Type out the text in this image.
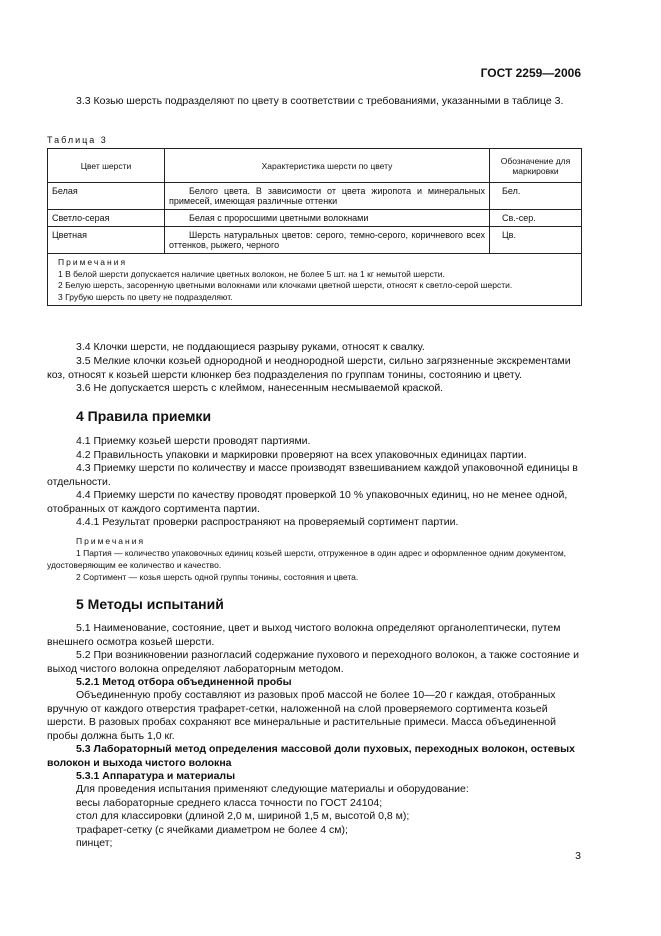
ГОСТ 2259—2006
3.3 Козью шерсть подразделяют по цвету в соответствии с требованиями, указанными в таблице 3.
Таблица 3
Цвет шерсти	Характеристика шерсти по цвету	Обозначение для маркировки
Белая	Белого цвета. В зависимости от цвета жиропота и минеральных примесей, имеющая различные оттенки	Бел.
Светло-серая	Белая с проросшими цветными волокнами	Св.-сер.
Цветная	Шерсть натуральных цветов: серого, темно-серого, коричневого всех оттенков, рыжего, черного	Цв.

Примечания
1 В белой шерсти допускается наличие цветных волокон, не более 5 шт. на 1 кг немытой шерсти.
2 Белую шерсть, засоренную цветными волокнами или клочками цветной шерсти, относят к светло-серой шерсти.
3 Грубую шерсть по цвету не подразделяют.		
3.4 Клочки шерсти, не поддающиеся разрыву руками, относят к свалку.
3.5 Мелкие клочки козьей однородной и неоднородной шерсти, сильно загрязненные экскрементами коз, относят к козьей шерсти клюнкер без подразделения по группам тонины, состоянию и цвету.
3.6 Не допускается шерсть с клеймом, нанесенным несмываемой краской.
4 Правила приемки
4.1 Приемку козьей шерсти проводят партиями.
4.2 Правильность упаковки и маркировки проверяют на всех упаковочных единицах партии.
4.3 Приемку шерсти по количеству и массе производят взвешиванием каждой упаковочной единицы в отдельности.
4.4 Приемку шерсти по качеству проводят проверкой 10 % упаковочных единиц, но не менее одной, отобранных от каждого сортимента партии.
4.4.1 Результат проверки распространяют на проверяемый сортимент партии.
Примечания
1 Партия — количество упаковочных единиц козьей шерсти, отгруженное в один адрес и оформленное одним документом, удостоверяющим ее количество и качество.
2 Сортимент — козья шерсть одной группы тонины, состояния и цвета.
5 Методы испытаний
5.1 Наименование, состояние, цвет и выход чистого волокна определяют органолептически, путем внешнего осмотра козьей шерсти.
5.2 При возникновении разногласий содержание пухового и переходного волокон, а также состояние и выход чистого волокна определяют лабораторным методом.
5.2.1 Метод отбора объединенной пробы
Объединенную пробу составляют из разовых проб массой не более 10—20 г каждая, отобранных вручную от каждого отверстия трафарет-сетки, наложенной на слой проверяемого сортимента козьей шерсти. В разовых пробах сохраняют все минеральные и растительные примеси. Масса объединенной пробы должна быть 1,0 кг.
5.3 Лабораторный метод определения массовой доли пуховых, переходных волокон, остевых волокон и выхода чистого волокна
5.3.1 Аппаратура и материалы
Для проведения испытания применяют следующие материалы и оборудование:
весы лабораторные среднего класса точности по ГОСТ 24104;
стол для классировки (длиной 2,0 м, шириной 1,5 м, высотой 0,8 м);
трафарет-сетку (с ячейками диаметром не более 4 см);
пинцет;
3
